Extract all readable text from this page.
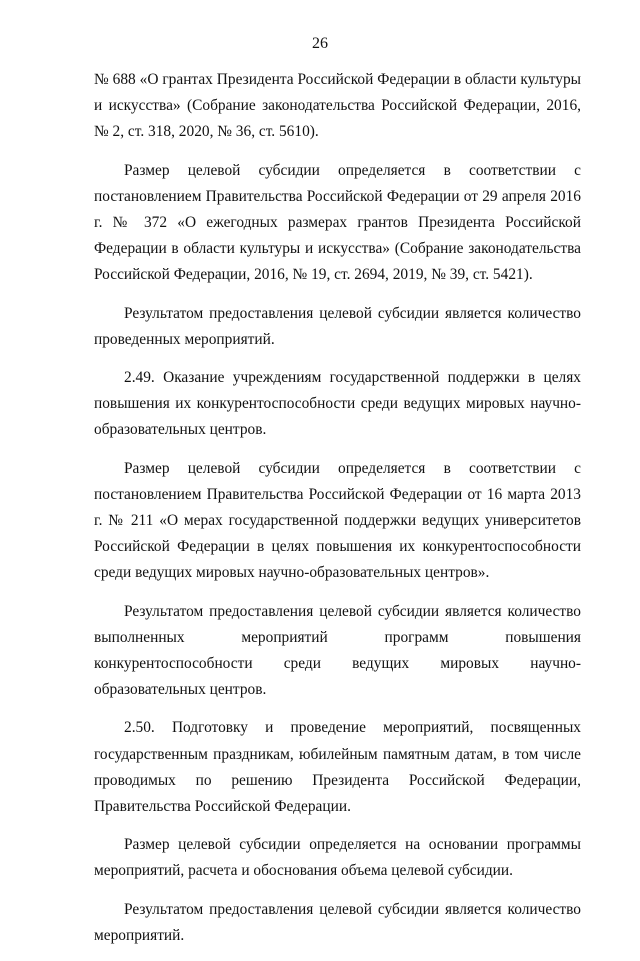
26

№ 688 «О грантах Президента Российской Федерации в области культуры и искусства» (Собрание законодательства Российской Федерации, 2016, № 2, ст. 318, 2020, № 36, ст. 5610).

Размер целевой субсидии определяется в соответствии с постановлением Правительства Российской Федерации от 29 апреля 2016 г. № 372 «О ежегодных размерах грантов Президента Российской Федерации в области культуры и искусства» (Собрание законодательства Российской Федерации, 2016, № 19, ст. 2694, 2019, № 39, ст. 5421).

Результатом предоставления целевой субсидии является количество проведенных мероприятий.

2.49. Оказание учреждениям государственной поддержки в целях повышения их конкурентоспособности среди ведущих мировых научно-образовательных центров.

Размер целевой субсидии определяется в соответствии с постановлением Правительства Российской Федерации от 16 марта 2013 г. № 211 «О мерах государственной поддержки ведущих университетов Российской Федерации в целях повышения их конкурентоспособности среди ведущих мировых научно-образовательных центров».

Результатом предоставления целевой субсидии является количество выполненных мероприятий программ повышения конкурентоспособности среди ведущих мировых научно-образовательных центров.

2.50. Подготовку и проведение мероприятий, посвященных государственным праздникам, юбилейным памятным датам, в том числе проводимых по решению Президента Российской Федерации, Правительства Российской Федерации.

Размер целевой субсидии определяется на основании программы мероприятий, расчета и обоснования объема целевой субсидии.

Результатом предоставления целевой субсидии является количество мероприятий.
